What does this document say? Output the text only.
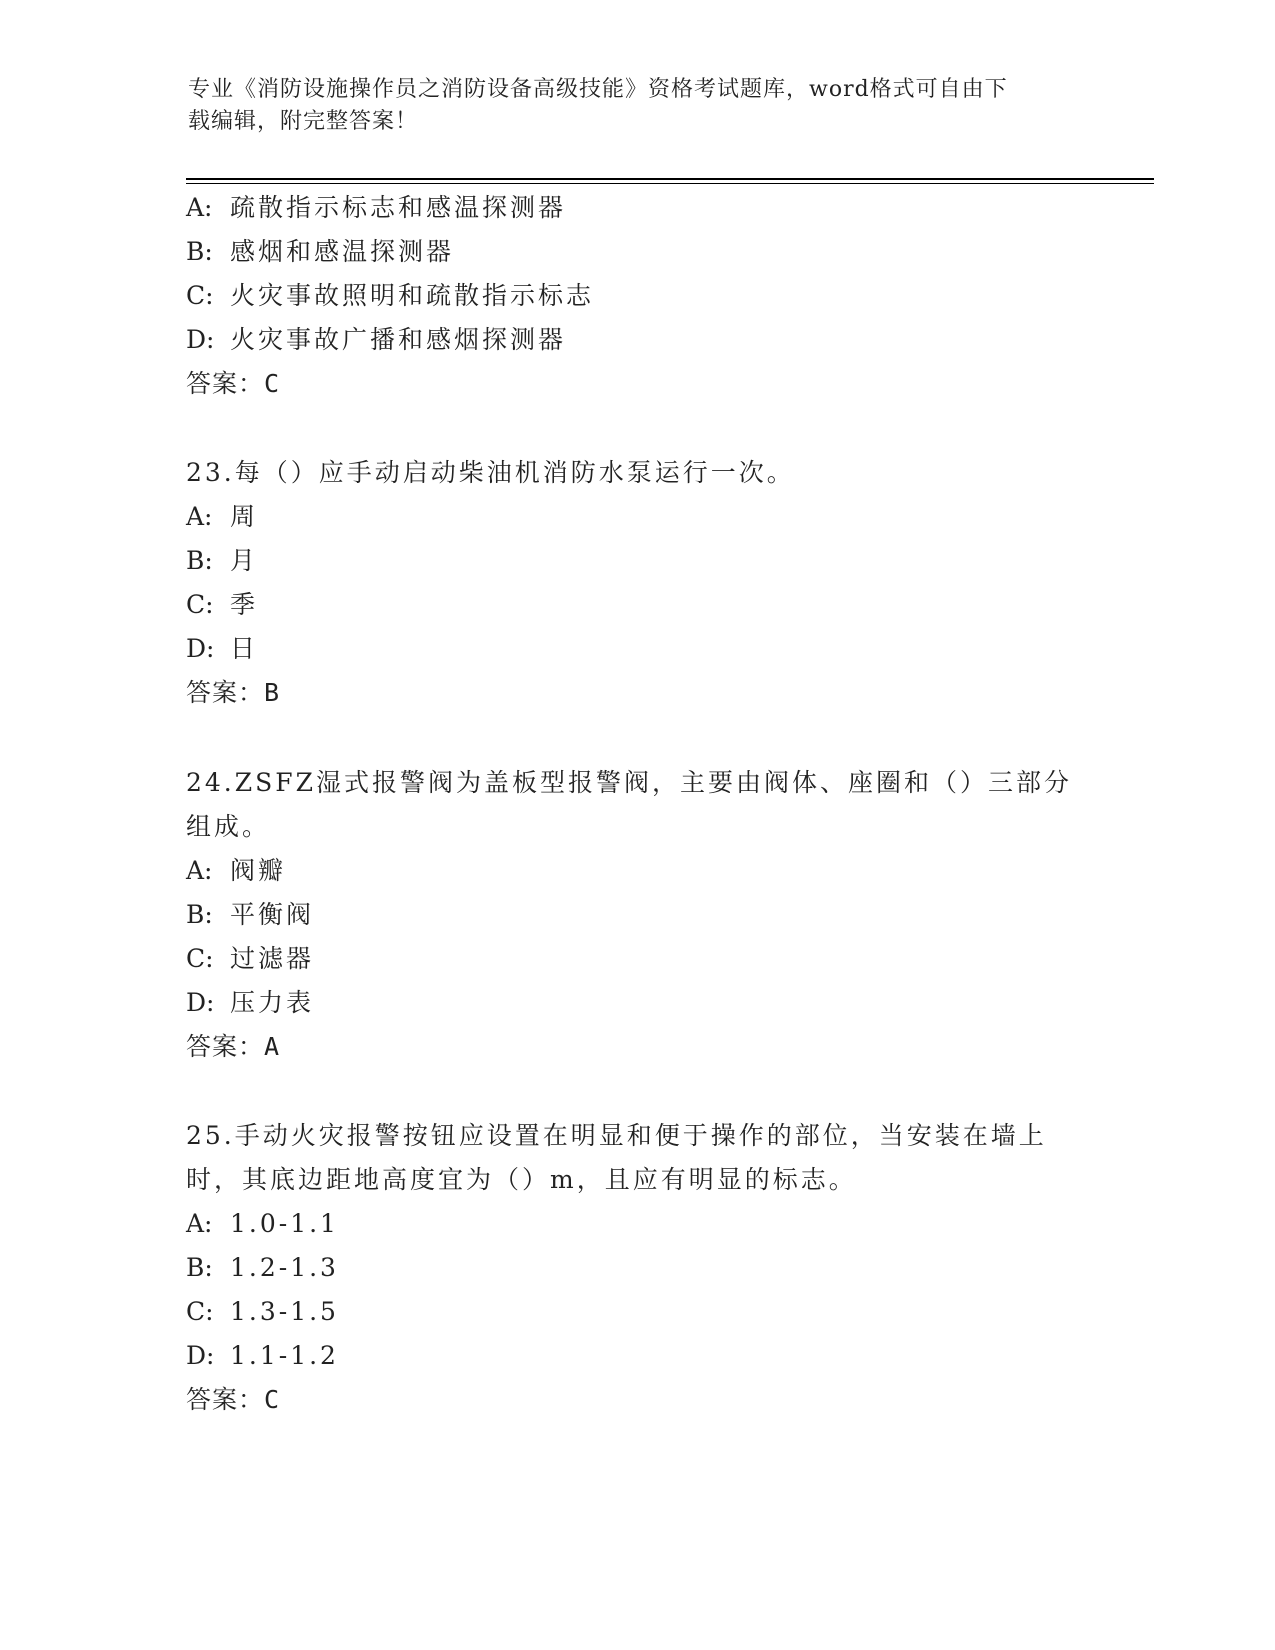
专业《消防设施操作员之消防设备高级技能》资格考试题库，word格式可自由下
载编辑，附完整答案！
A: 疏散指示标志和感温探测器
B: 感烟和感温探测器
C: 火灾事故照明和疏散指示标志
D: 火灾事故广播和感烟探测器
答案：C
23.每（）应手动启动柴油机消防水泵运行一次。
A: 周
B: 月
C: 季
D: 日
答案：B
24.ZSFZ湿式报警阀为盖板型报警阀，主要由阀体、座圈和（）三部分
组成。
A: 阀瓣
B: 平衡阀
C: 过滤器
D: 压力表
答案：A
25.手动火灾报警按钮应设置在明显和便于操作的部位，当安装在墙上
时，其底边距地高度宜为（）m，且应有明显的标志。
A: 1.0-1.1
B: 1.2-1.3
C: 1.3-1.5
D: 1.1-1.2
答案：C
